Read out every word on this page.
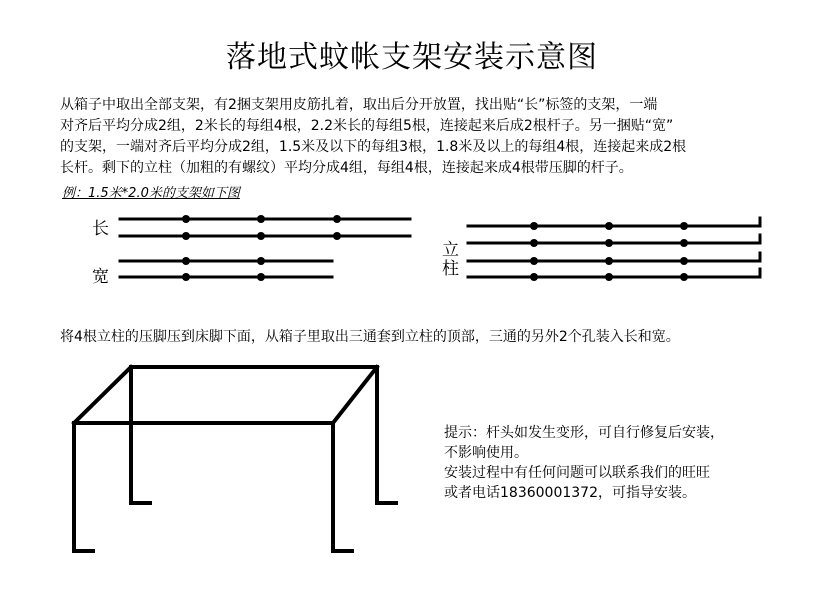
落地式蚊帐支架安装示意图

从箱子中取出全部支架，有2捆支架用皮筋扎着，取出后分开放置，找出贴“长”标签的支架，一端

对齐后平均分成2组，2米长的每组4根，2.2米长的每组5根，连接起来后成2根杆子。另一捆贴“宽”

的支架，一端对齐后平均分成2组，1.5米及以下的每组3根，1.8米及以上的每组4根，连接起来成2根

长杆。剩下的立柱（加粗的有螺纹）平均分成4组，每组4根，连接起来成4根带压脚的杆子。

例：1.5米*2.0米的支架如下图
长
宽
立
柱
将4根立柱的压脚压到床脚下面，从箱子里取出三通套到立柱的顶部，三通的另外2个孔装入长和宽。

提示：杆头如发生变形，可自行修复后安装，

不影响使用。

安装过程中有任何问题可以联系我们的旺旺

或者电话18360001372，可指导安装。
